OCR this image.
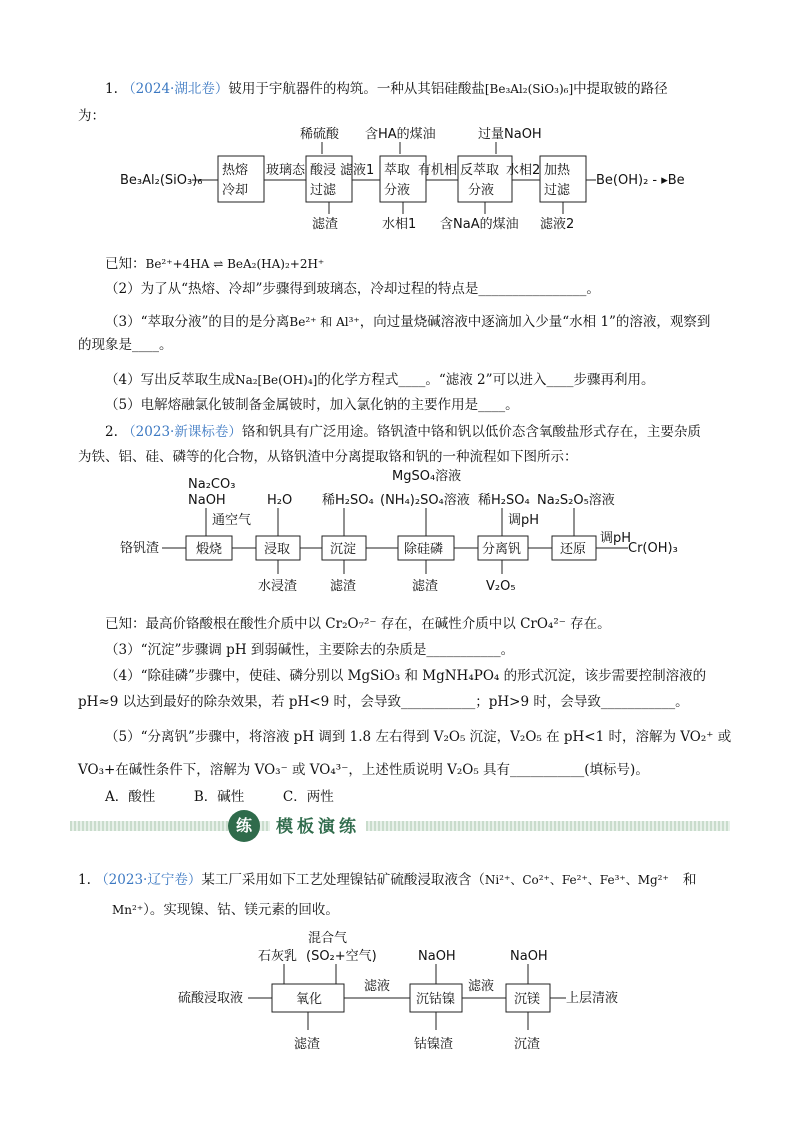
1. （2024·湖北卷）铍用于宇航器件的构筑。一种从其铝硅酸盐[Be₃Al₂(SiO₃)₆]中提取铍的路径
为：
稀硫酸 含HA的煤油	过量NaOH
Be₃Al₂(SiO₃)₆
热熔
冷却
玻璃态 酸浸
过滤
滤液1 萃取
分液
有机相 反萃取
分液
水相2 加热
过滤
Be(OH)₂ - ▸Be
滤渣	水相1 含NaA的煤油 滤液2
已知：Be²⁺+4HA ⇌ BeA₂(HA)₂+2H⁺
（2）为了从“热熔、冷却”步骤得到玻璃态，冷却过程的特点是________________。
（3）“萃取分液”的目的是分离Be²⁺ 和 Al³⁺，向过量烧碱溶液中逐滴加入少量“水相 1”的溶液，观察到
的现象是____。
（4）写出反萃取生成Na₂[Be(OH)₄]的化学方程式____。“滤液 2”可以进入____步骤再利用。
（5）电解熔融氯化铍制备金属铍时，加入氯化钠的主要作用是____。
2. （2023·新课标卷）铬和钒具有广泛用途。铬钒渣中铬和钒以低价态含氧酸盐形式存在，主要杂质
为铁、铝、硅、磷等的化合物，从铬钒渣中分离提取铬和钒的一种流程如下图所示：
Na₂CO₃
NaOH
通空气
H₂O 稀H₂SO₄
MgSO₄溶液
(NH₄)₂SO₄溶液 稀H₂SO₄
调pH
Na₂S₂O₅溶液
铬钒渣	煅烧	浸取	沉淀	除硅磷	分离钒	还原
调pH
Cr(OH)₃
水浸渣	滤渣	滤渣	V₂O₅
已知：最高价铬酸根在酸性介质中以 Cr₂O₇²⁻ 存在，在碱性介质中以 CrO₄²⁻ 存在。
（3）“沉淀”步骤调 pH 到弱碱性，主要除去的杂质是___________。
（4）“除硅磷”步骤中，使硅、磷分别以 MgSiO₃ 和 MgNH₄PO₄ 的形式沉淀，该步需要控制溶液的
pH≈9 以达到最好的除杂效果，若 pH<9 时，会导致___________；pH>9 时，会导致___________。
（5）“分离钒”步骤中，将溶液 pH 调到 1.8 左右得到 V₂O₅ 沉淀，V₂O₅ 在 pH<1 时，溶解为 VO₂⁺ 或
VO₃+在碱性条件下，溶解为 VO₃⁻ 或 VO₄³⁻，上述性质说明 V₂O₅ 具有___________(填标号)。
A．酸性	B．碱性	C．两性
练	模板演练
1. （2023·辽宁卷）某工厂采用如下工艺处理镍钴矿硫酸浸取液含（Ni²⁺、Co²⁺、Fe²⁺、Fe³⁺、Mg²⁺ 和
Mn²⁺）。实现镍、钴、镁元素的回收。
混合气
石灰乳 (SO₂+空气)	NaOH	NaOH
硫酸浸取液	氧化
滤液
沉钴镍
滤液
沉镁 上层清液
滤渣	钴镍渣	沉渣
